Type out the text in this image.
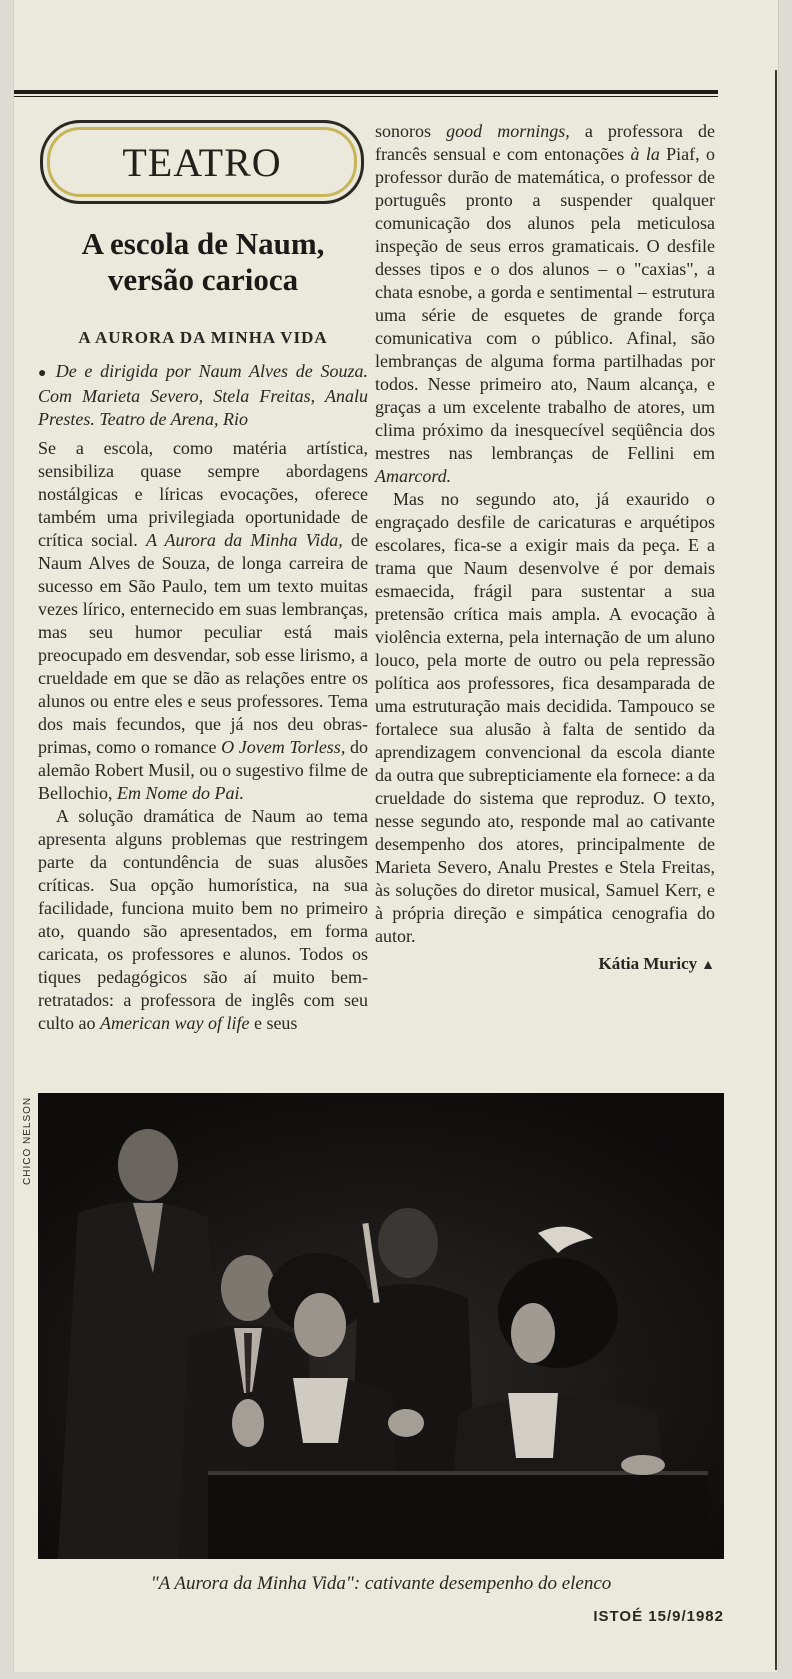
TEATRO
A escola de Naum,
versão carioca
A AURORA DA MINHA VIDA

● De e dirigida por Naum Alves de Souza. Com Marieta Severo, Stela Freitas, Analu Prestes. Teatro de Arena, Rio

Se a escola, como matéria artística, sensibiliza quase sempre abordagens nostálgicas e líricas evocações, oferece também uma privilegiada oportunidade de crítica social. A Aurora da Minha Vida, de Naum Alves de Souza, de longa carreira de sucesso em São Paulo, tem um texto muitas vezes lírico, enternecido em suas lembranças, mas seu humor peculiar está mais preocupado em desvendar, sob esse lirismo, a crueldade em que se dão as relações entre os alunos ou entre eles e seus professores. Tema dos mais fecundos, que já nos deu obras-primas, como o romance O Jovem Torless, do alemão Robert Musil, ou o sugestivo filme de Bellochio, Em Nome do Pai.

A solução dramática de Naum ao tema apresenta alguns problemas que restringem parte da contundência de suas alusões críticas. Sua opção humorística, na sua facilidade, funciona muito bem no primeiro ato, quando são apresentados, em forma caricata, os professores e alunos. Todos os tiques pedagógicos são aí muito bem-retratados: a professora de inglês com seu culto ao American way of life e seus

sonoros good mornings, a professora de francês sensual e com entonações à la Piaf, o professor durão de matemática, o professor de português pronto a suspender qualquer comunicação dos alunos pela meticulosa inspeção de seus erros gramaticais. O desfile desses tipos e o dos alunos – o "caxias", a chata esnobe, a gorda e sentimental – estrutura uma série de esquetes de grande força comunicativa com o público. Afinal, são lembranças de alguma forma partilhadas por todos. Nesse primeiro ato, Naum alcança, e graças a um excelente trabalho de atores, um clima próximo da inesquecível seqüência dos mestres nas lembranças de Fellini em Amarcord.

Mas no segundo ato, já exaurido o engraçado desfile de caricaturas e arquétipos escolares, fica-se a exigir mais da peça. E a trama que Naum desenvolve é por demais esmaecida, frágil para sustentar a sua pretensão crítica mais ampla. A evocação à violência externa, pela internação de um aluno louco, pela morte de outro ou pela repressão política aos professores, fica desamparada de uma estruturação mais decidida. Tampouco se fortalece sua alusão à falta de sentido da aprendizagem convencional da escola diante da outra que subrepticiamente ela fornece: a da crueldade do sistema que reproduz. O texto, nesse segundo ato, responde mal ao cativante desempenho dos atores, principalmente de Marieta Severo, Analu Prestes e Stela Freitas, às soluções do diretor musical, Samuel Kerr, e à própria direção e simpática cenografia do autor.

Kátia Muricy ▲
CHICO NELSON
"A Aurora da Minha Vida": cativante desempenho do elenco
ISTOÉ 15/9/1982
